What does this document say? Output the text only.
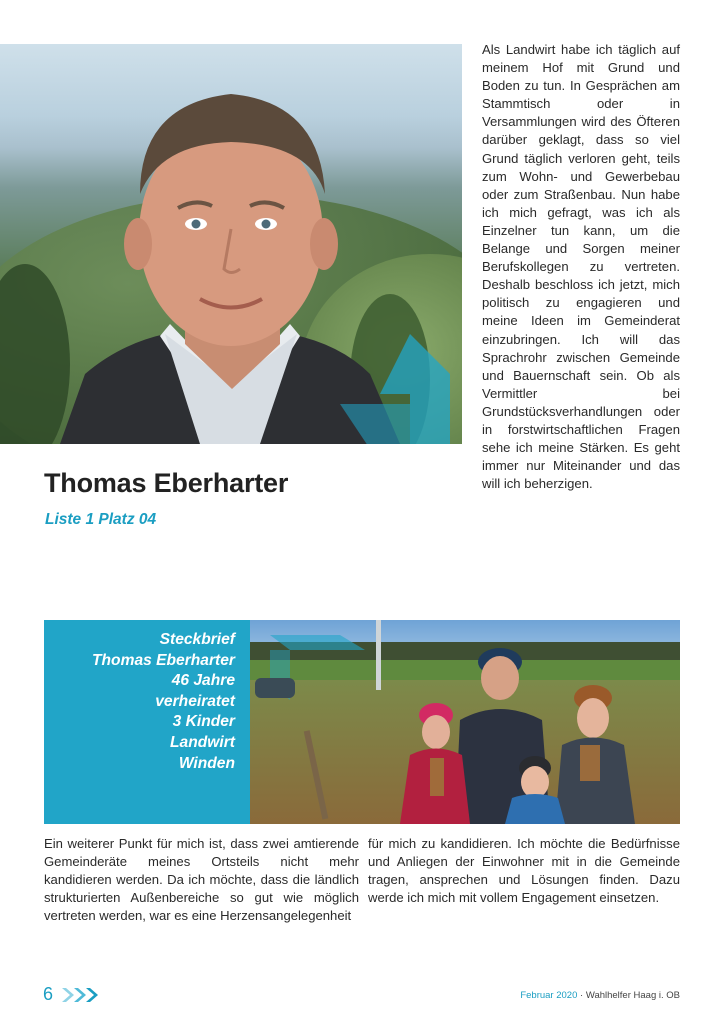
Als Landwirt habe ich täglich auf meinem Hof mit Grund und Boden zu tun. In Gesprächen am Stammtisch oder in Versammlungen wird des Öfteren darüber geklagt, dass so viel Grund täglich verloren geht, teils zum Wohn- und Gewerbebau oder zum Straßenbau. Nun habe ich mich gefragt, was ich als Einzelner tun kann, um die Belange und Sorgen meiner Berufskollegen zu vertreten. Deshalb beschloss ich jetzt, mich politisch zu engagieren und meine Ideen im Gemeinderat einzubringen. Ich will das Sprachrohr zwischen Gemeinde und Bauernschaft sein. Ob als Vermittler bei Grundstücksverhandlungen oder in forstwirtschaftlichen Fragen sehe ich meine Stärken. Es geht immer nur Miteinander und das will ich beherzigen.

Thomas Eberharter
Liste 1 Platz 04
Steckbrief
Thomas Eberharter
46 Jahre
verheiratet
3 Kinder
Landwirt
Winden

Ein weiterer Punkt für mich ist, dass zwei amtierende Gemeinderäte meines Ortsteils nicht mehr kandidieren werden. Da ich möchte, dass die ländlich strukturierten Außenbereiche so gut wie möglich vertreten werden, war es eine Herzensangelegenheit

für mich zu kandidieren. Ich möchte die Bedürfnisse und Anliegen der Einwohner mit in die Gemeinde tragen, ansprechen und Lösungen finden. Dazu werde ich mich mit vollem Engagement einsetzen.

6	Februar 2020 · Wahlhelfer Haag i. OB
